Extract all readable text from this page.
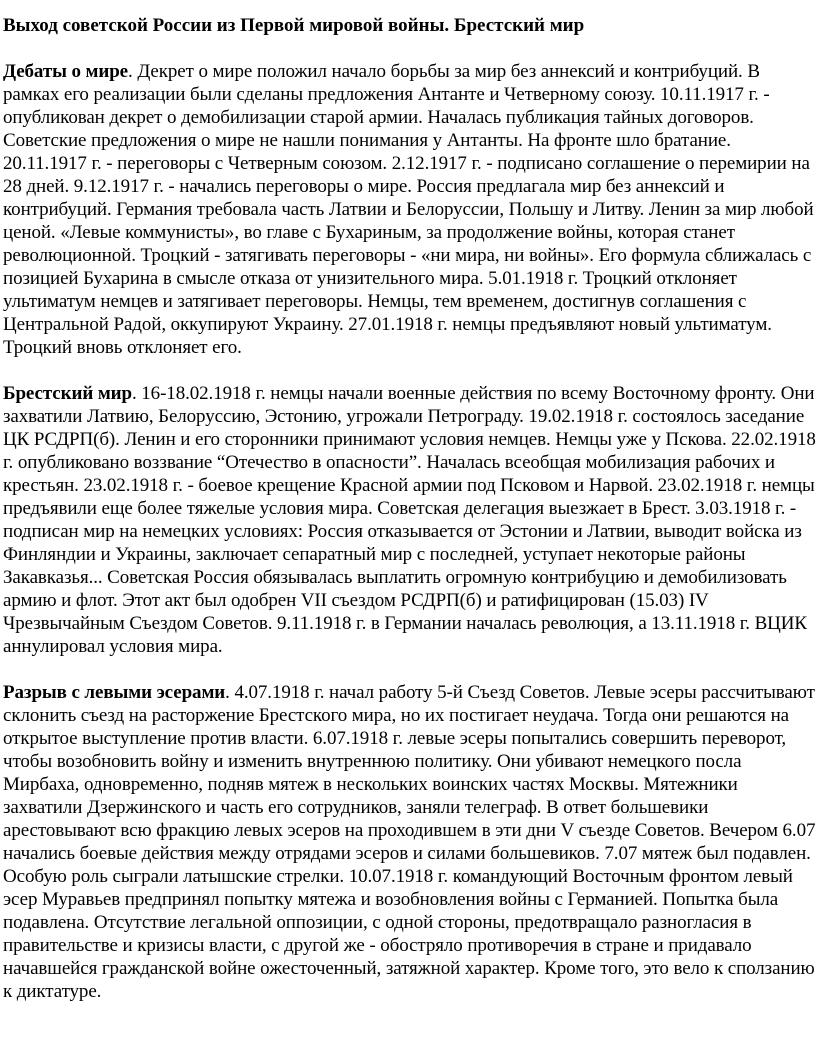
Выход советской России из Первой мировой войны. Брестский мир

Дебаты о мире. Декрет о мире положил начало борьбы за мир без аннексий и контрибуций. В рамках его реализации были сделаны предложения Антанте и Четверному союзу. 10.11.1917 г. - опубликован декрет о демобилизации старой армии. Началась публикация тайных договоров. Советские предложения о мире не нашли понимания у Антанты. На фронте шло братание. 20.11.1917 г. - переговоры с Четверным союзом. 2.12.1917 г. - подписано соглашение о перемирии на 28 дней. 9.12.1917 г. - начались переговоры о мире. Россия предлагала мир без аннексий и контрибуций. Германия требовала часть Латвии и Белоруссии, Польшу и Литву. Ленин за мир любой ценой. «Левые коммунисты», во главе с Бухариным, за продолжение войны, которая станет революционной. Троцкий - затягивать переговоры - «ни мира, ни войны». Его формула сближалась с позицией Бухарина в смысле отказа от унизительного мира. 5.01.1918 г. Троцкий отклоняет ультиматум немцев и затягивает переговоры. Немцы, тем временем, достигнув соглашения с Центральной Радой, оккупируют Украину. 27.01.1918 г. немцы предъявляют новый ультиматум. Троцкий вновь отклоняет его.

Брестский мир. 16-18.02.1918 г. немцы начали военные действия по всему Восточному фронту. Они захватили Латвию, Белоруссию, Эстонию, угрожали Петрограду. 19.02.1918 г. состоялось заседание ЦК РСДРП(б). Ленин и его сторонники принимают условия немцев. Немцы уже у Пскова. 22.02.1918 г. опубликовано воззвание “Отечество в опасности”. Началась всеобщая мобилизация рабочих и крестьян. 23.02.1918 г. - боевое крещение Красной армии под Псковом и Нарвой. 23.02.1918 г. немцы предъявили еще более тяжелые условия мира. Советская делегация выезжает в Брест. 3.03.1918 г. - подписан мир на немецких условиях: Россия отказывается от Эстонии и Латвии, выводит войска из Финляндии и Украины, заключает сепаратный мир с последней, уступает некоторые районы Закавказья... Советская Россия обязывалась выплатить огромную контрибуцию и демобилизовать армию и флот. Этот акт был одобрен VII съездом РСДРП(б) и ратифицирован (15.03) IV Чрезвычайным Съездом Советов. 9.11.1918 г. в Германии началась революция, а 13.11.1918 г. ВЦИК аннулировал условия мира.

Разрыв с левыми эсерами. 4.07.1918 г. начал работу 5-й Съезд Советов. Левые эсеры рассчитывают склонить съезд на расторжение Брестского мира, но их постигает неудача. Тогда они решаются на открытое выступление против власти. 6.07.1918 г. левые эсеры попытались совершить переворот, чтобы возобновить войну и изменить внутреннюю политику. Они убивают немецкого посла Мирбаха, одновременно, подняв мятеж в нескольких воинских частях Москвы. Мятежники захватили Дзержинского и часть его сотрудников, заняли телеграф. В ответ большевики арестовывают всю фракцию левых эсеров на проходившем в эти дни V съезде Советов. Вечером 6.07 начались боевые действия между отрядами эсеров и силами большевиков. 7.07 мятеж был подавлен. Особую роль сыграли латышские стрелки. 10.07.1918 г. командующий Восточным фронтом левый эсер Муравьев предпринял попытку мятежа и возобновления войны с Германией. Попытка была подавлена. Отсутствие легальной оппозиции, с одной стороны, предотвращало разногласия в правительстве и кризисы власти, с другой же - обостряло противоречия в стране и придавало начавшейся гражданской войне ожесточенный, затяжной характер. Кроме того, это вело к сползанию к диктатуре.
